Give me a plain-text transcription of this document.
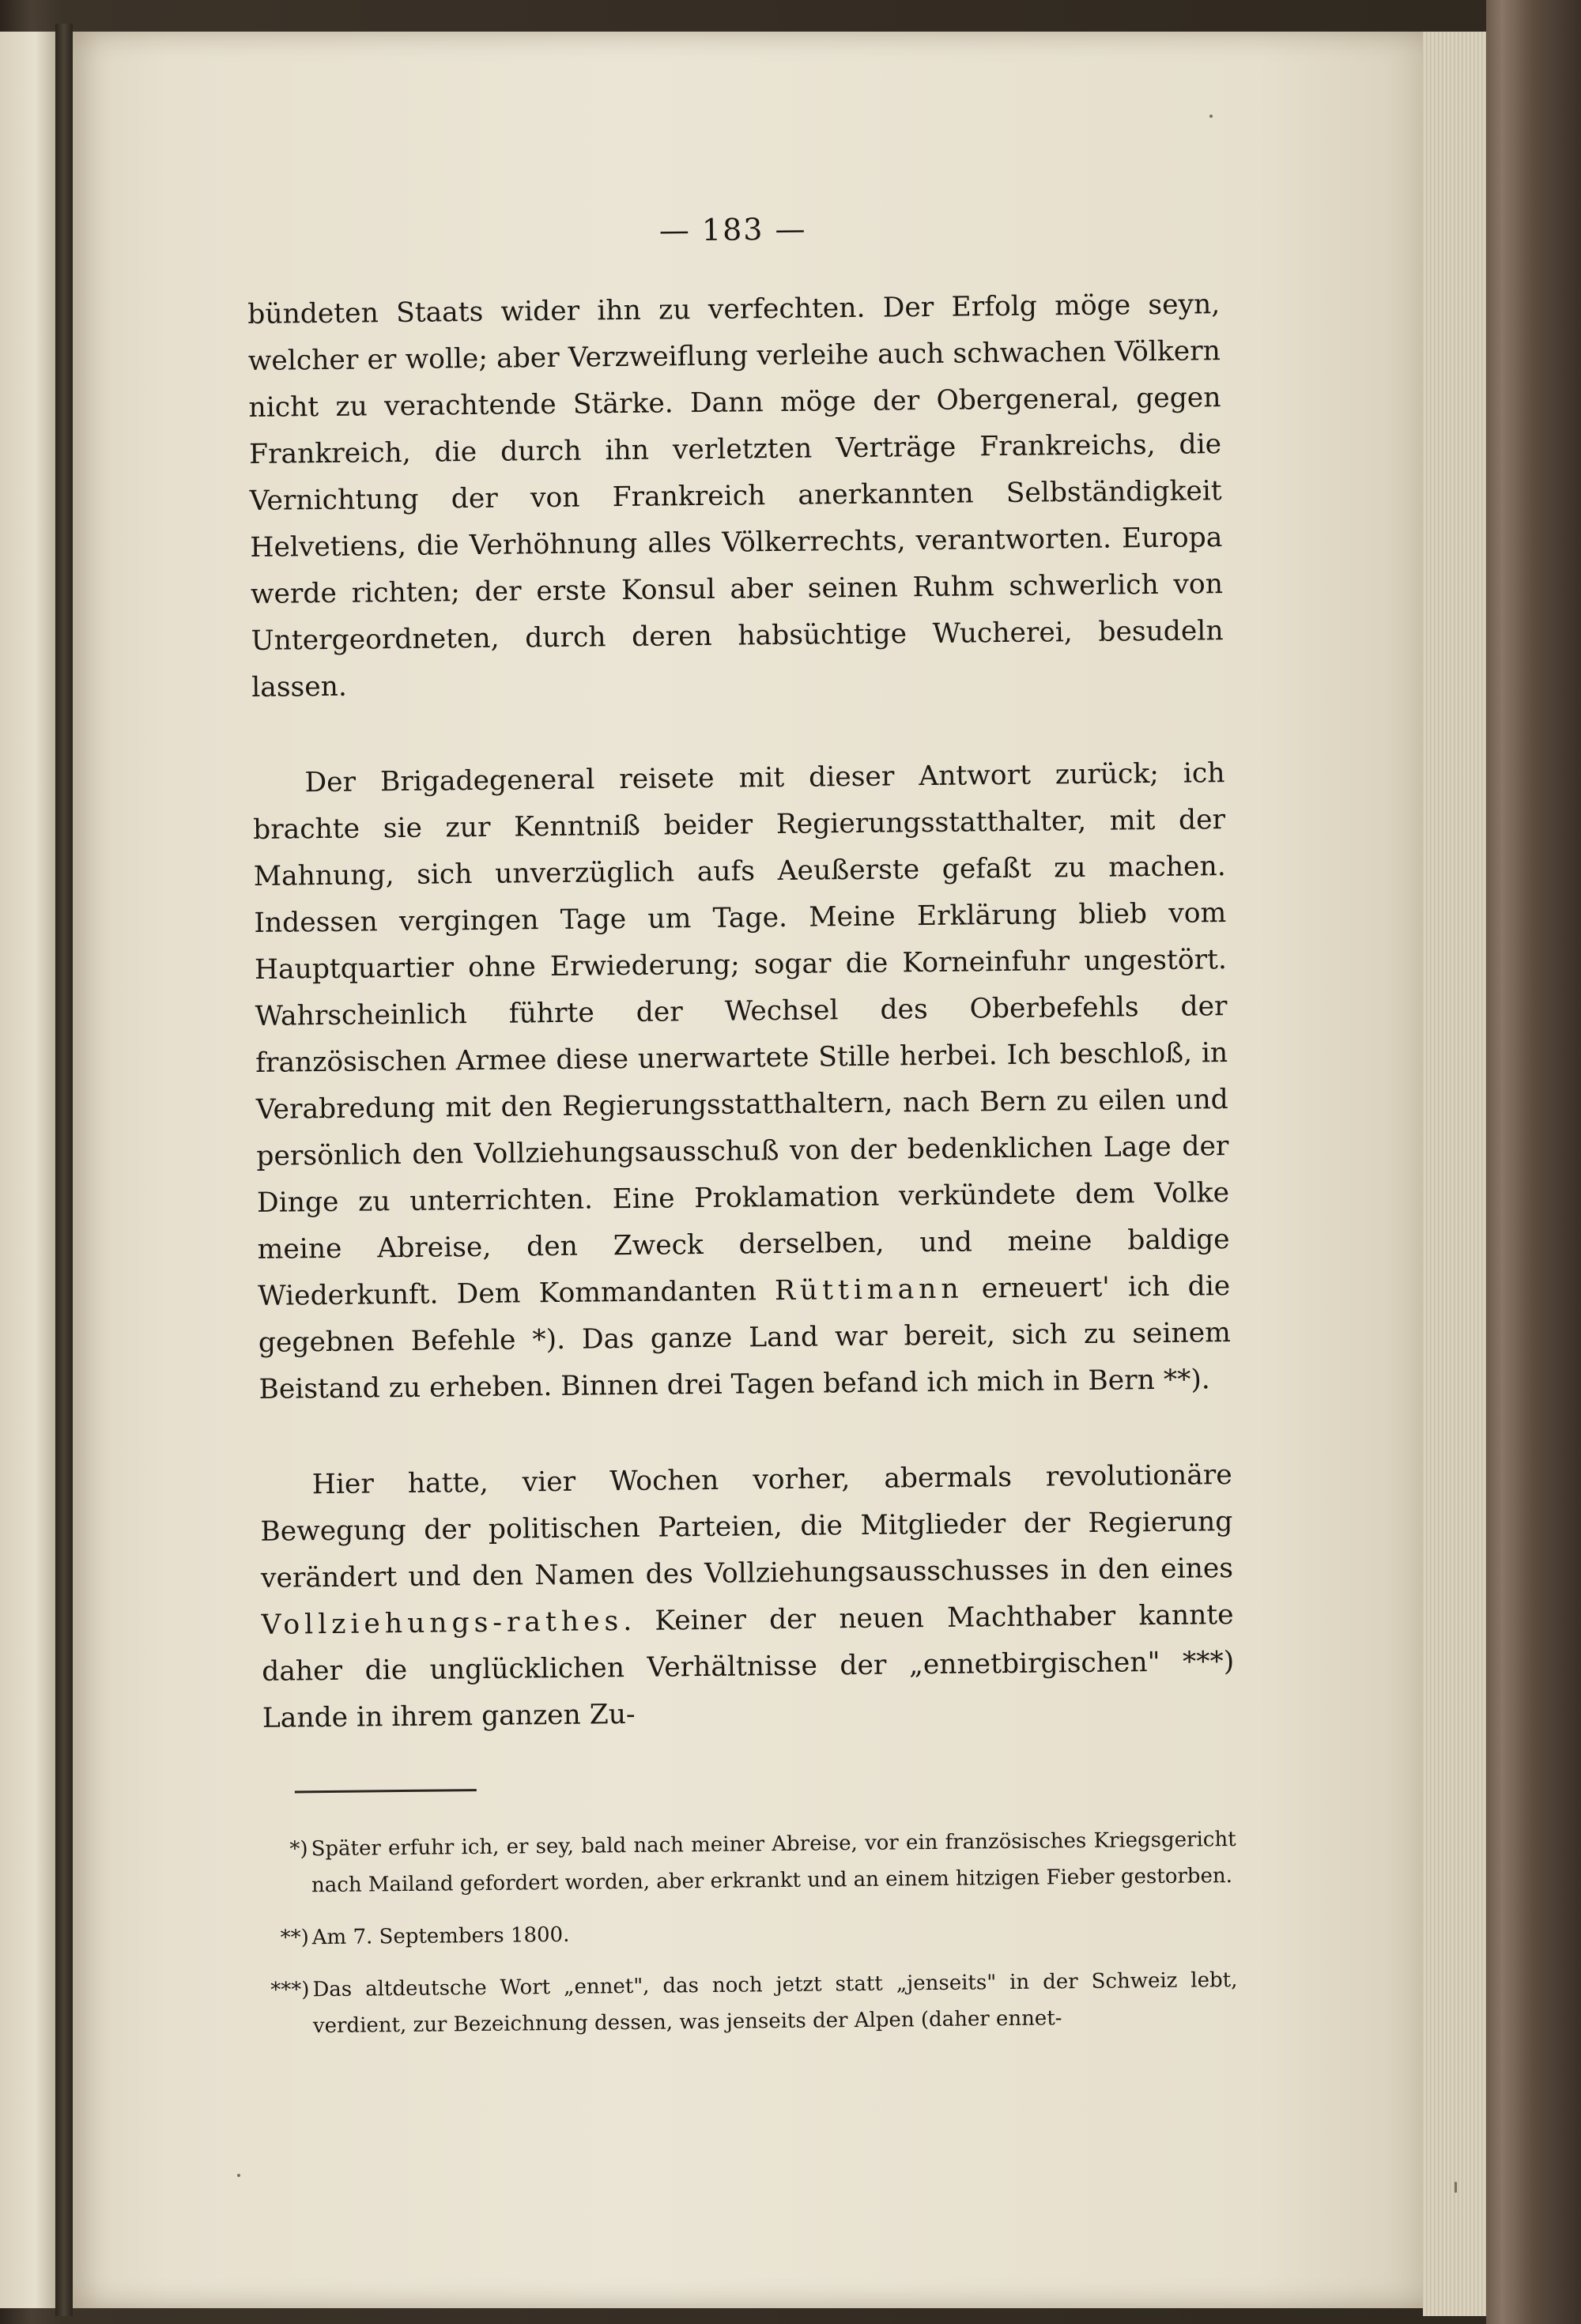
— 183 —

bündeten Staats wider ihn zu verfechten. Der Erfolg möge seyn, welcher er wolle; aber Verzweiflung verleihe auch schwachen Völkern nicht zu verachtende Stärke. Dann möge der Obergeneral, gegen Frankreich, die durch ihn verletzten Verträge Frankreichs, die Vernichtung der von Frankreich anerkannten Selbständigkeit Helvetiens, die Verhöhnung alles Völkerrechts, verantworten. Europa werde richten; der erste Konsul aber seinen Ruhm schwerlich von Untergeordneten, durch deren habsüchtige Wucherei, besudeln lassen.

Der Brigadegeneral reisete mit dieser Antwort zurück; ich brachte sie zur Kenntniß beider Regierungsstatthalter, mit der Mahnung, sich unverzüglich aufs Aeußerste gefaßt zu machen. Indessen vergingen Tage um Tage. Meine Erklärung blieb vom Hauptquartier ohne Erwiederung; sogar die Korneinfuhr ungestört. Wahrscheinlich führte der Wechsel des Oberbefehls der französischen Armee diese unerwartete Stille herbei. Ich beschloß, in Verabredung mit den Regierungsstatthaltern, nach Bern zu eilen und persönlich den Vollziehungsausschuß von der bedenklichen Lage der Dinge zu unterrichten. Eine Proklamation verkündete dem Volke meine Abreise, den Zweck derselben, und meine baldige Wiederkunft. Dem Kommandanten Rüttimann erneuert' ich die gegebnen Befehle *). Das ganze Land war bereit, sich zu seinem Beistand zu erheben. Binnen drei Tagen befand ich mich in Bern **).

Hier hatte, vier Wochen vorher, abermals revolutionäre Bewegung der politischen Parteien, die Mitglieder der Regierung verändert und den Namen des Vollziehungsausschusses in den eines Vollziehungs-rathes. Keiner der neuen Machthaber kannte daher die unglücklichen Verhältnisse der „ennetbirgischen" ***) Lande in ihrem ganzen Zu-

*) Später erfuhr ich, er sey, bald nach meiner Abreise, vor ein französisches Kriegsgericht nach Mailand gefordert worden, aber erkrankt und an einem hitzigen Fieber gestorben.

**) Am 7. Septembers 1800.

***) Das altdeutsche Wort „ennet", das noch jetzt statt „jenseits" in der Schweiz lebt, verdient, zur Bezeichnung dessen, was jenseits der Alpen (daher ennet-
